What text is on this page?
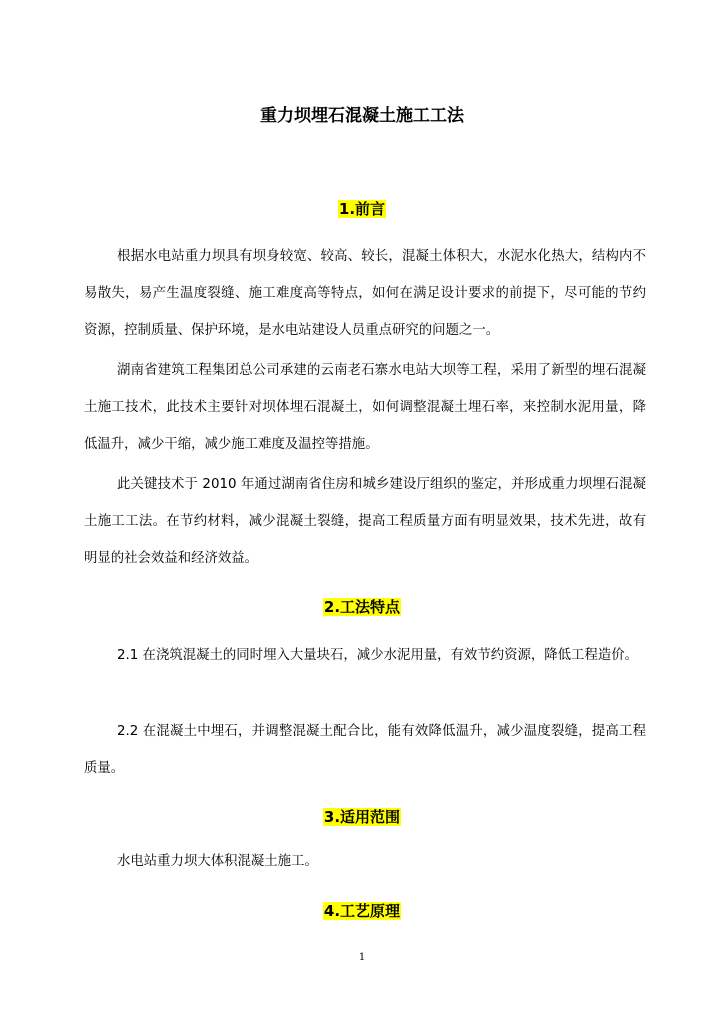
重力坝埋石混凝土施工工法
1.前言

根据水电站重力坝具有坝身较宽、较高、较长，混凝土体积大，水泥水化热大，结构内不易散失，易产生温度裂缝、施工难度高等特点，如何在满足设计要求的前提下，尽可能的节约资源，控制质量、保护环境，是水电站建设人员重点研究的问题之一。

湖南省建筑工程集团总公司承建的云南老石寨水电站大坝等工程，采用了新型的埋石混凝土施工技术，此技术主要针对坝体埋石混凝土，如何调整混凝土埋石率，来控制水泥用量，降低温升，减少干缩，减少施工难度及温控等措施。

此关键技术于 2010 年通过湖南省住房和城乡建设厅组织的鉴定，并形成重力坝埋石混凝土施工工法。在节约材料，减少混凝土裂缝，提高工程质量方面有明显效果，技术先进，故有明显的社会效益和经济效益。

2.工法特点

2.1 在浇筑混凝土的同时埋入大量块石，减少水泥用量，有效节约资源，降低工程造价。

2.2 在混凝土中埋石，并调整混凝土配合比，能有效降低温升，减少温度裂缝，提高工程质量。

3.适用范围

水电站重力坝大体积混凝土施工。

4.工艺原理
1
